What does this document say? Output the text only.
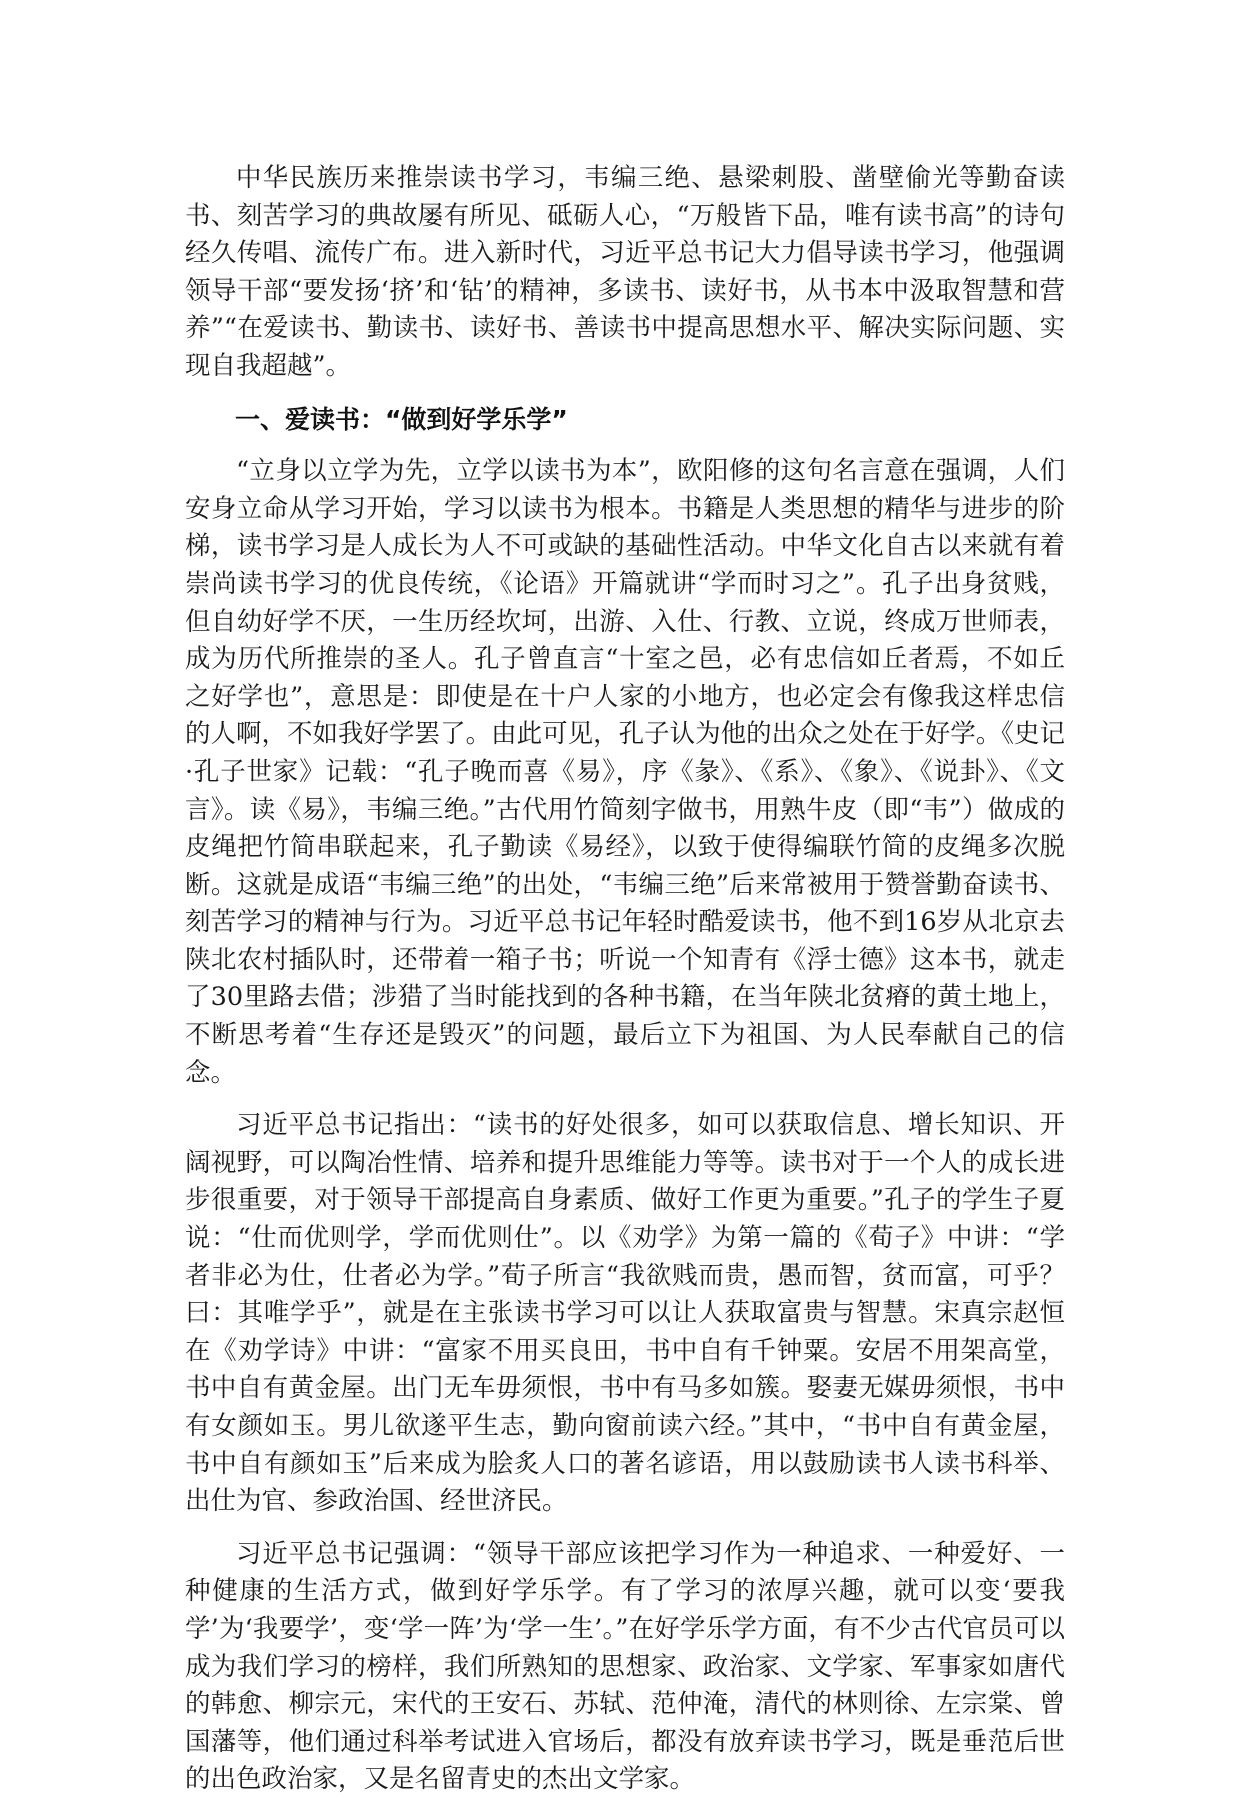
中华民族历来推崇读书学习，韦编三绝、悬梁刺股、凿壁偷光等勤奋读书、刻苦学习的典故屡有所见、砥砺人心，“万般皆下品，唯有读书高”的诗句经久传唱、流传广布。进入新时代，习近平总书记大力倡导读书学习，他强调领导干部“要发扬‘挤’和‘钻’的精神，多读书、读好书，从书本中汲取智慧和营养”“在爱读书、勤读书、读好书、善读书中提高思想水平、解决实际问题、实现自我超越”。

一、爱读书：“做到好学乐学”

“立身以立学为先，立学以读书为本”，欧阳修的这句名言意在强调，人们安身立命从学习开始，学习以读书为根本。书籍是人类思想的精华与进步的阶梯，读书学习是人成长为人不可或缺的基础性活动。中华文化自古以来就有着崇尚读书学习的优良传统，《论语》开篇就讲“学而时习之”。孔子出身贫贱，但自幼好学不厌，一生历经坎坷，出游、入仕、行教、立说，终成万世师表，成为历代所推崇的圣人。孔子曾直言“十室之邑，必有忠信如丘者焉，不如丘之好学也”，意思是：即使是在十户人家的小地方，也必定会有像我这样忠信的人啊，不如我好学罢了。由此可见，孔子认为他的出众之处在于好学。《史记·孔子世家》记载：“孔子晚而喜《易》，序《彖》、《系》、《象》、《说卦》、《文言》。读《易》，韦编三绝。”古代用竹简刻字做书，用熟牛皮（即“韦”）做成的皮绳把竹简串联起来，孔子勤读《易经》，以致于使得编联竹简的皮绳多次脱断。这就是成语“韦编三绝”的出处，“韦编三绝”后来常被用于赞誉勤奋读书、刻苦学习的精神与行为。习近平总书记年轻时酷爱读书，他不到16岁从北京去陕北农村插队时，还带着一箱子书；听说一个知青有《浮士德》这本书，就走了30里路去借；涉猎了当时能找到的各种书籍，在当年陕北贫瘠的黄土地上，不断思考着“生存还是毁灭”的问题，最后立下为祖国、为人民奉献自己的信念。

习近平总书记指出：“读书的好处很多，如可以获取信息、增长知识、开阔视野，可以陶冶性情、培养和提升思维能力等等。读书对于一个人的成长进步很重要，对于领导干部提高自身素质、做好工作更为重要。”孔子的学生子夏说：“仕而优则学，学而优则仕”。以《劝学》为第一篇的《荀子》中讲：“学者非必为仕，仕者必为学。”荀子所言“我欲贱而贵，愚而智，贫而富，可乎？曰：其唯学乎”，就是在主张读书学习可以让人获取富贵与智慧。宋真宗赵恒在《劝学诗》中讲：“富家不用买良田，书中自有千钟粟。安居不用架高堂，书中自有黄金屋。出门无车毋须恨，书中有马多如簇。娶妻无媒毋须恨，书中有女颜如玉。男儿欲遂平生志，勤向窗前读六经。”其中，“书中自有黄金屋，书中自有颜如玉”后来成为脍炙人口的著名谚语，用以鼓励读书人读书科举、出仕为官、参政治国、经世济民。

习近平总书记强调：“领导干部应该把学习作为一种追求、一种爱好、一种健康的生活方式，做到好学乐学。有了学习的浓厚兴趣，就可以变‘要我学’为‘我要学’，变‘学一阵’为‘学一生’。”在好学乐学方面，有不少古代官员可以成为我们学习的榜样，我们所熟知的思想家、政治家、文学家、军事家如唐代的韩愈、柳宗元，宋代的王安石、苏轼、范仲淹，清代的林则徐、左宗棠、曾国藩等，他们通过科举考试进入官场后，都没有放弃读书学习，既是垂范后世的出色政治家，又是名留青史的杰出文学家。
